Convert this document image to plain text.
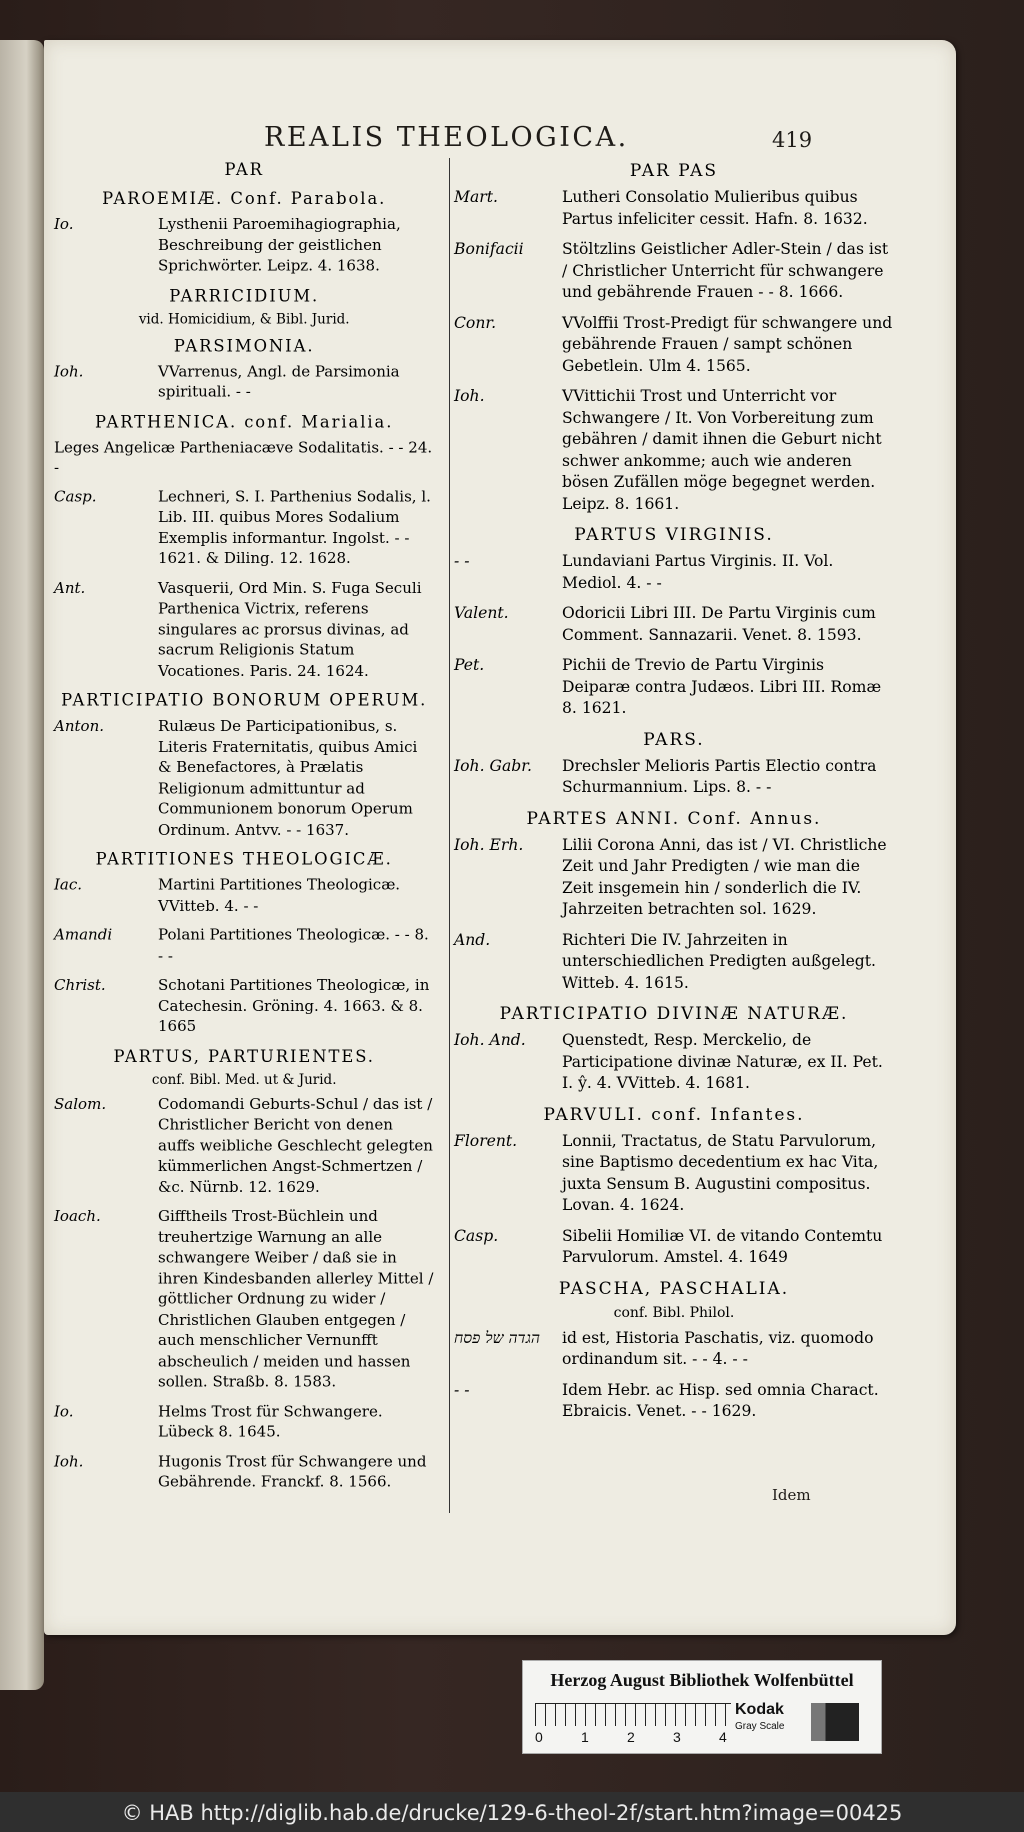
REALIS THEOLOGICA.	419
PAR
PAROEMIÆ. Conf. Parabola.
Io.	Lysthenii Paroemihagiographia, Beschreibung der geistlichen Sprichwörter. Leipz. 4. 1638.
PARRICIDIUM.
vid. Homicidium, & Bibl. Jurid.
PARSIMONIA.
Ioh.	VVarrenus, Angl. de Parsimonia spirituali. - -
PARTHENICA. conf. Marialia.
Leges Angelicæ Partheniacæve Sodalitatis. - - 24. -
Casp.	Lechneri, S. I. Parthenius Sodalis, l. Lib. III. quibus Mores Sodalium Exemplis informantur. Ingolst. - - 1621. & Diling. 12. 1628.
Ant.	Vasquerii, Ord Min. S. Fuga Seculi Parthenica Victrix, referens singulares ac prorsus divinas, ad sacrum Religionis Statum Vocationes. Paris. 24. 1624.
PARTICIPATIO BONORUM OPERUM.
Anton.	Rulæus De Participationibus, s. Literis Fraternitatis, quibus Amici & Benefactores, à Prælatis Religionum admittuntur ad Communionem bonorum Operum Ordinum. Antvv. - - 1637.
PARTITIONES THEOLOGICÆ.
Iac.	Martini Partitiones Theologicæ. VVitteb. 4. - -
Amandi	Polani Partitiones Theologicæ. - - 8. - -
Christ.	Schotani Partitiones Theologicæ, in Catechesin. Gröning. 4. 1663. & 8. 1665
PARTUS, PARTURIENTES.
conf. Bibl. Med. ut & Jurid.
Salom.	Codomandi Geburts-Schul / das ist / Christlicher Bericht von denen auffs weibliche Geschlecht gelegten kümmerlichen Angst-Schmertzen / &c. Nürnb. 12. 1629.
Ioach.	Gifftheils Trost-Büchlein und treuhertzige Warnung an alle schwangere Weiber / daß sie in ihren Kindesbanden allerley Mittel / göttlicher Ordnung zu wider / Christlichen Glauben entgegen / auch menschlicher Vernunfft abscheulich / meiden und hassen sollen. Straßb. 8. 1583.
Io.	Helms Trost für Schwangere. Lübeck 8. 1645.
Ioh.	Hugonis Trost für Schwangere und Gebährende. Franckf. 8. 1566.
PAR PAS
Mart.	Lutheri Consolatio Mulieribus quibus Partus infeliciter cessit. Hafn. 8. 1632.
Bonifacii	Stöltzlins Geistlicher Adler-Stein / das ist / Christlicher Unterricht für schwangere und gebährende Frauen - - 8. 1666.
Conr.	VVolffii Trost-Predigt für schwangere und gebährende Frauen / sampt schönen Gebetlein. Ulm 4. 1565.
Ioh.	VVittichii Trost und Unterricht vor Schwangere / It. Von Vorbereitung zum gebähren / damit ihnen die Geburt nicht schwer ankomme; auch wie anderen bösen Zufällen möge begegnet werden. Leipz. 8. 1661.
PARTUS VIRGINIS.
- -	Lundaviani Partus Virginis. II. Vol. Mediol. 4. - -
Valent.	Odoricii Libri III. De Partu Virginis cum Comment. Sannazarii. Venet. 8. 1593.
Pet.	Pichii de Trevio de Partu Virginis Deiparæ contra Judæos. Libri III. Romæ 8. 1621.
PARS.
Ioh. Gabr.	Drechsler Melioris Partis Electio contra Schurmannium. Lips. 8. - -
PARTES ANNI. Conf. Annus.
Ioh. Erh.	Lilii Corona Anni, das ist / VI. Christliche Zeit und Jahr Predigten / wie man die Zeit insgemein hin / sonderlich die IV. Jahrzeiten betrachten sol. 1629.
And.	Richteri Die IV. Jahrzeiten in unterschiedlichen Predigten außgelegt. Witteb. 4. 1615.
PARTICIPATIO DIVINÆ NATURÆ.
Ioh. And.	Quenstedt, Resp. Merckelio, de Participatione divinæ Naturæ, ex II. Pet. I. ŷ. 4. VVitteb. 4. 1681.
PARVULI. conf. Infantes.
Florent.	Lonnii, Tractatus, de Statu Parvulorum, sine Baptismo decedentium ex hac Vita, juxta Sensum B. Augustini compositus. Lovan. 4. 1624.
Casp.	Sibelii Homiliæ VI. de vitando Contemtu Parvulorum. Amstel. 4. 1649
PASCHA, PASCHALIA.
conf. Bibl. Philol.
הגדה של פסח	id est, Historia Paschatis, viz. quomodo ordinandum sit. - - 4. - -
- -	Idem Hebr. ac Hisp. sed omnia Charact. Ebraicis. Venet. - - 1629.
Idem
Herzog August Bibliothek Wolfenbüttel
0	1	2	3	4
Kodak
Gray Scale
© HAB http://diglib.hab.de/drucke/129-6-theol-2f/start.htm?image=00425
